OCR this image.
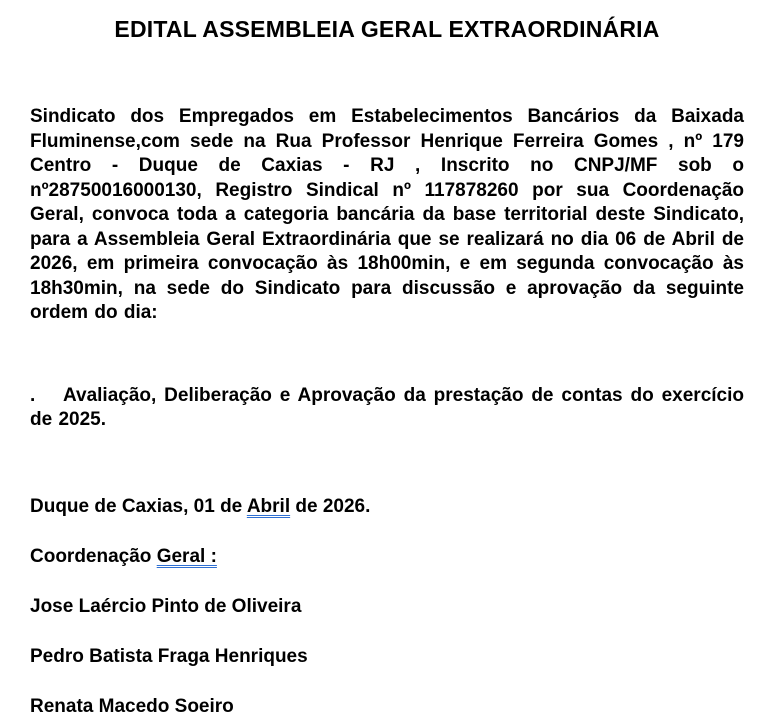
EDITAL ASSEMBLEIA GERAL EXTRAORDINÁRIA

Sindicato dos Empregados em Estabelecimentos Bancários da Baixada Fluminense,com sede na Rua Professor Henrique Ferreira Gomes , nº 179 Centro - Duque de Caxias - RJ , Inscrito no CNPJ/MF sob o nº28750016000130, Registro Sindical nº 117878260 por sua Coordenação Geral, convoca toda a categoria bancária da base territorial deste Sindicato, para a Assembleia Geral Extraordinária que se realizará no dia 06 de Abril de 2026, em primeira convocação às 18h00min, e em segunda convocação às 18h30min, na sede do Sindicato para discussão e aprovação da seguinte ordem do dia:

. Avaliação, Deliberação e Aprovação da prestação de contas do exercício de 2025.

Duque de Caxias, 01 de Abril de 2026.

Coordenação Geral :

Jose Laércio Pinto de Oliveira

Pedro Batista Fraga Henriques

Renata Macedo Soeiro
